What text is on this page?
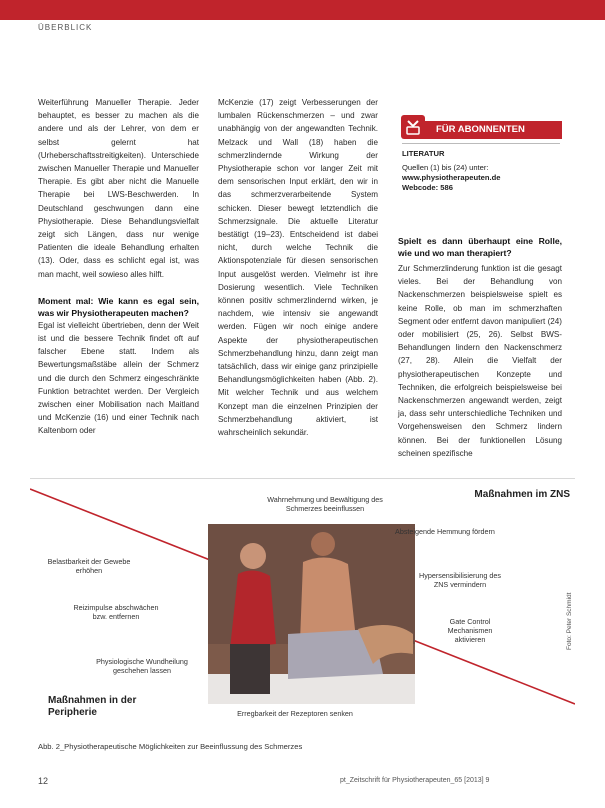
ÜBERBLICK

Weiterführung Manueller Therapie. Jeder behauptet, es besser zu machen als die andere und als der Lehrer, von dem er selbst gelernt hat (Urheberschaftsstreitigkeiten). Unterschiede zwischen Manueller Therapie und Manueller Therapie. Es gibt aber nicht die Manuelle Therapie bei LWS-Beschwerden. In Deutschland geschwungen dann eine Physiotherapie. Diese Behandlungsvielfalt zeigt sich Längen, dass nur wenige Patienten die ideale Behandlung erhalten (13). Oder, dass es schlicht egal ist, was man macht, weil sowieso alles hilft.

Moment mal: Wie kann es egal sein, was wir Physiotherapeuten machen?

Egal ist vielleicht übertrieben, denn der Weit ist und die bessere Technik findet oft auf falscher Ebene statt. Indem als Bewertungsmaßstäbe allein der Schmerz und die durch den Schmerz eingeschränkte Funktion betrachtet werden. Der Vergleich zwischen einer Mobilisation nach Maitland und McKenzie (16) und einer Technik nach Kaltenborn oder

McKenzie (17) zeigt Verbesserungen der lumbalen Rückenschmerzen – und zwar unabhängig von der angewandten Technik. Melzack und Wall (18) haben die schmerzlindernde Wirkung der Physiotherapie schon vor langer Zeit mit dem sensorischen Input erklärt, den wir in das schmerzverarbeitende System schicken. Dieser bewegt letztendlich die Schmerzsignale. Die aktuelle Literatur bestätigt (19–23). Entscheidend ist dabei nicht, durch welche Technik die Aktionspotenziale für diesen sensorischen Input ausgelöst werden. Vielmehr ist ihre Dosierung wesentlich. Viele Techniken können positiv schmerzlindernd wirken, je nachdem, wie intensiv sie angewandt werden. Fügen wir noch einige andere Aspekte der physiotherapeutischen Schmerzbehandlung hinzu, dann zeigt man tatsächlich, dass wir einige ganz prinzipielle Behandlungsmöglichkeiten haben (Abb. 2). Mit welcher Technik und aus welchem Konzept man die einzelnen Prinzipien der Schmerzbehandlung aktiviert, ist wahrscheinlich sekundär.

FÜR ABONNENTEN
LITERATUR
Quellen (1) bis (24) unter:
www.physiotherapeuten.de
Webcode: 586
Spielt es dann überhaupt eine Rolle, wie und wo man therapiert?

Zur Schmerzlinderung funktion ist die gesagt vieles. Bei der Behandlung von Nackenschmerzen beispielsweise spielt es keine Rolle, ob man im schmerzhaften Segment oder entfernt davon manipuliert (24) oder mobilisiert (25, 26). Selbst BWS-Behandlungen lindern den Nackenschmerz (27, 28). Allein die Vielfalt der physiotherapeutischen Konzepte und Techniken, die erfolgreich beispielsweise bei Nackenschmerzen angewandt werden, zeigt ja, dass sehr unterschiedliche Techniken und Vorgehensweisen den Schmerz lindern können. Bei der funktionellen Lösung scheinen spezifische

Wahrnehmung und Bewältigung des Schmerzes beeinflussen
Maßnahmen im ZNS
Absteigende Hemmung fördern
Hypersensibilisierung des ZNS vermindern
Gate Control Mechanismen aktivieren
Belastbarkeit der Gewebe erhöhen
Reizimpulse abschwächen bzw. entfernen
Physiologische Wundheilung geschehen lassen
Maßnahmen in der Peripherie	Erregbarkeit der Rezeptoren senken
Foto: Peter Schmidt
Abb. 2_Physiotherapeutische Möglichkeiten zur Beeinflussung des Schmerzes
12	pt_Zeitschrift für Physiotherapeuten_65 [2013] 9
